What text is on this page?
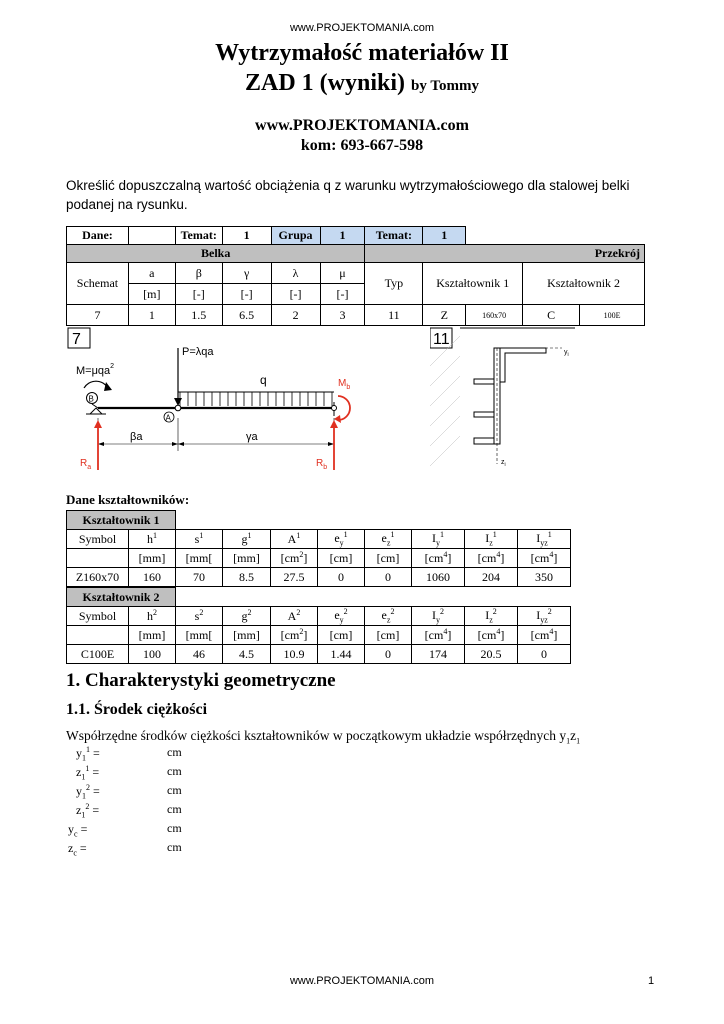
www.PROJEKTOMANIA.com
Wytrzymałość materiałów II
ZAD 1 (wyniki) by Tommy
www.PROJEKTOMANIA.com
kom: 693-667-598
Określić dopuszczalną wartość obciążenia q z warunku wytrzymałościowego dla stalowej belki podanej na rysunku.
Dane:		Temat:	1	Grupa	1	Temat:	1			
Belka						Przekrój				
Schemat	a	β	γ	λ	μ	Typ	Kształtownik 1		Kształtownik 2	
	[m]	[-]	[-]	[-]	[-]					
7	1	1.5	6.5	2	3	11	Z	160x70	C	100E
7
q
P=λqa
M=μqa$^2$
B
A
$M_b$
βa	γa
$R_a$	$R_b$
11
$y_i$
$z_i$
Dane kształtowników:
Kształtownik 1									
Symbol	$h^1$	$s^1$	$g^1$	$A^1$	$e_y^1$	$e_z^1$	$I_y^1$	$I_z^1$	$I_{yz}^1$
	[mm]	[mm[	[mm]	$[cm^2]$	[cm]	[cm]	$[cm^4]$	$[cm^4]$	$[cm^4]$
Z160x70	160	70	8.5	27.5	0	0	1060	204	350
Kształtownik 2									
Symbol	$h^2$	$s^2$	$g^2$	$A^2$	$e_y^2$	$e_z^2$	$I_y^2$	$I_z^2$	$I_{yz}^2$
	[mm]	[mm[	[mm]	$[cm^2]$	[cm]	[cm]	$[cm^4]$	$[cm^4]$	$[cm^4]$
C100E	100	46	4.5	10.9	1.44	0	174	20.5	0
1. Charakterystyki geometryczne
1.1. Środek ciężkości
Współrzędne środków ciężkości kształtowników w początkowym układzie współrzędnych $y_1z_1$
$y_1^1$ =	cm
$z_1^1$ =	cm
$y_1^2$ =	cm
$z_1^2$ =	cm
$y_c$ =	cm
$z_c$ =	cm
www.PROJEKTOMANIA.com	1
